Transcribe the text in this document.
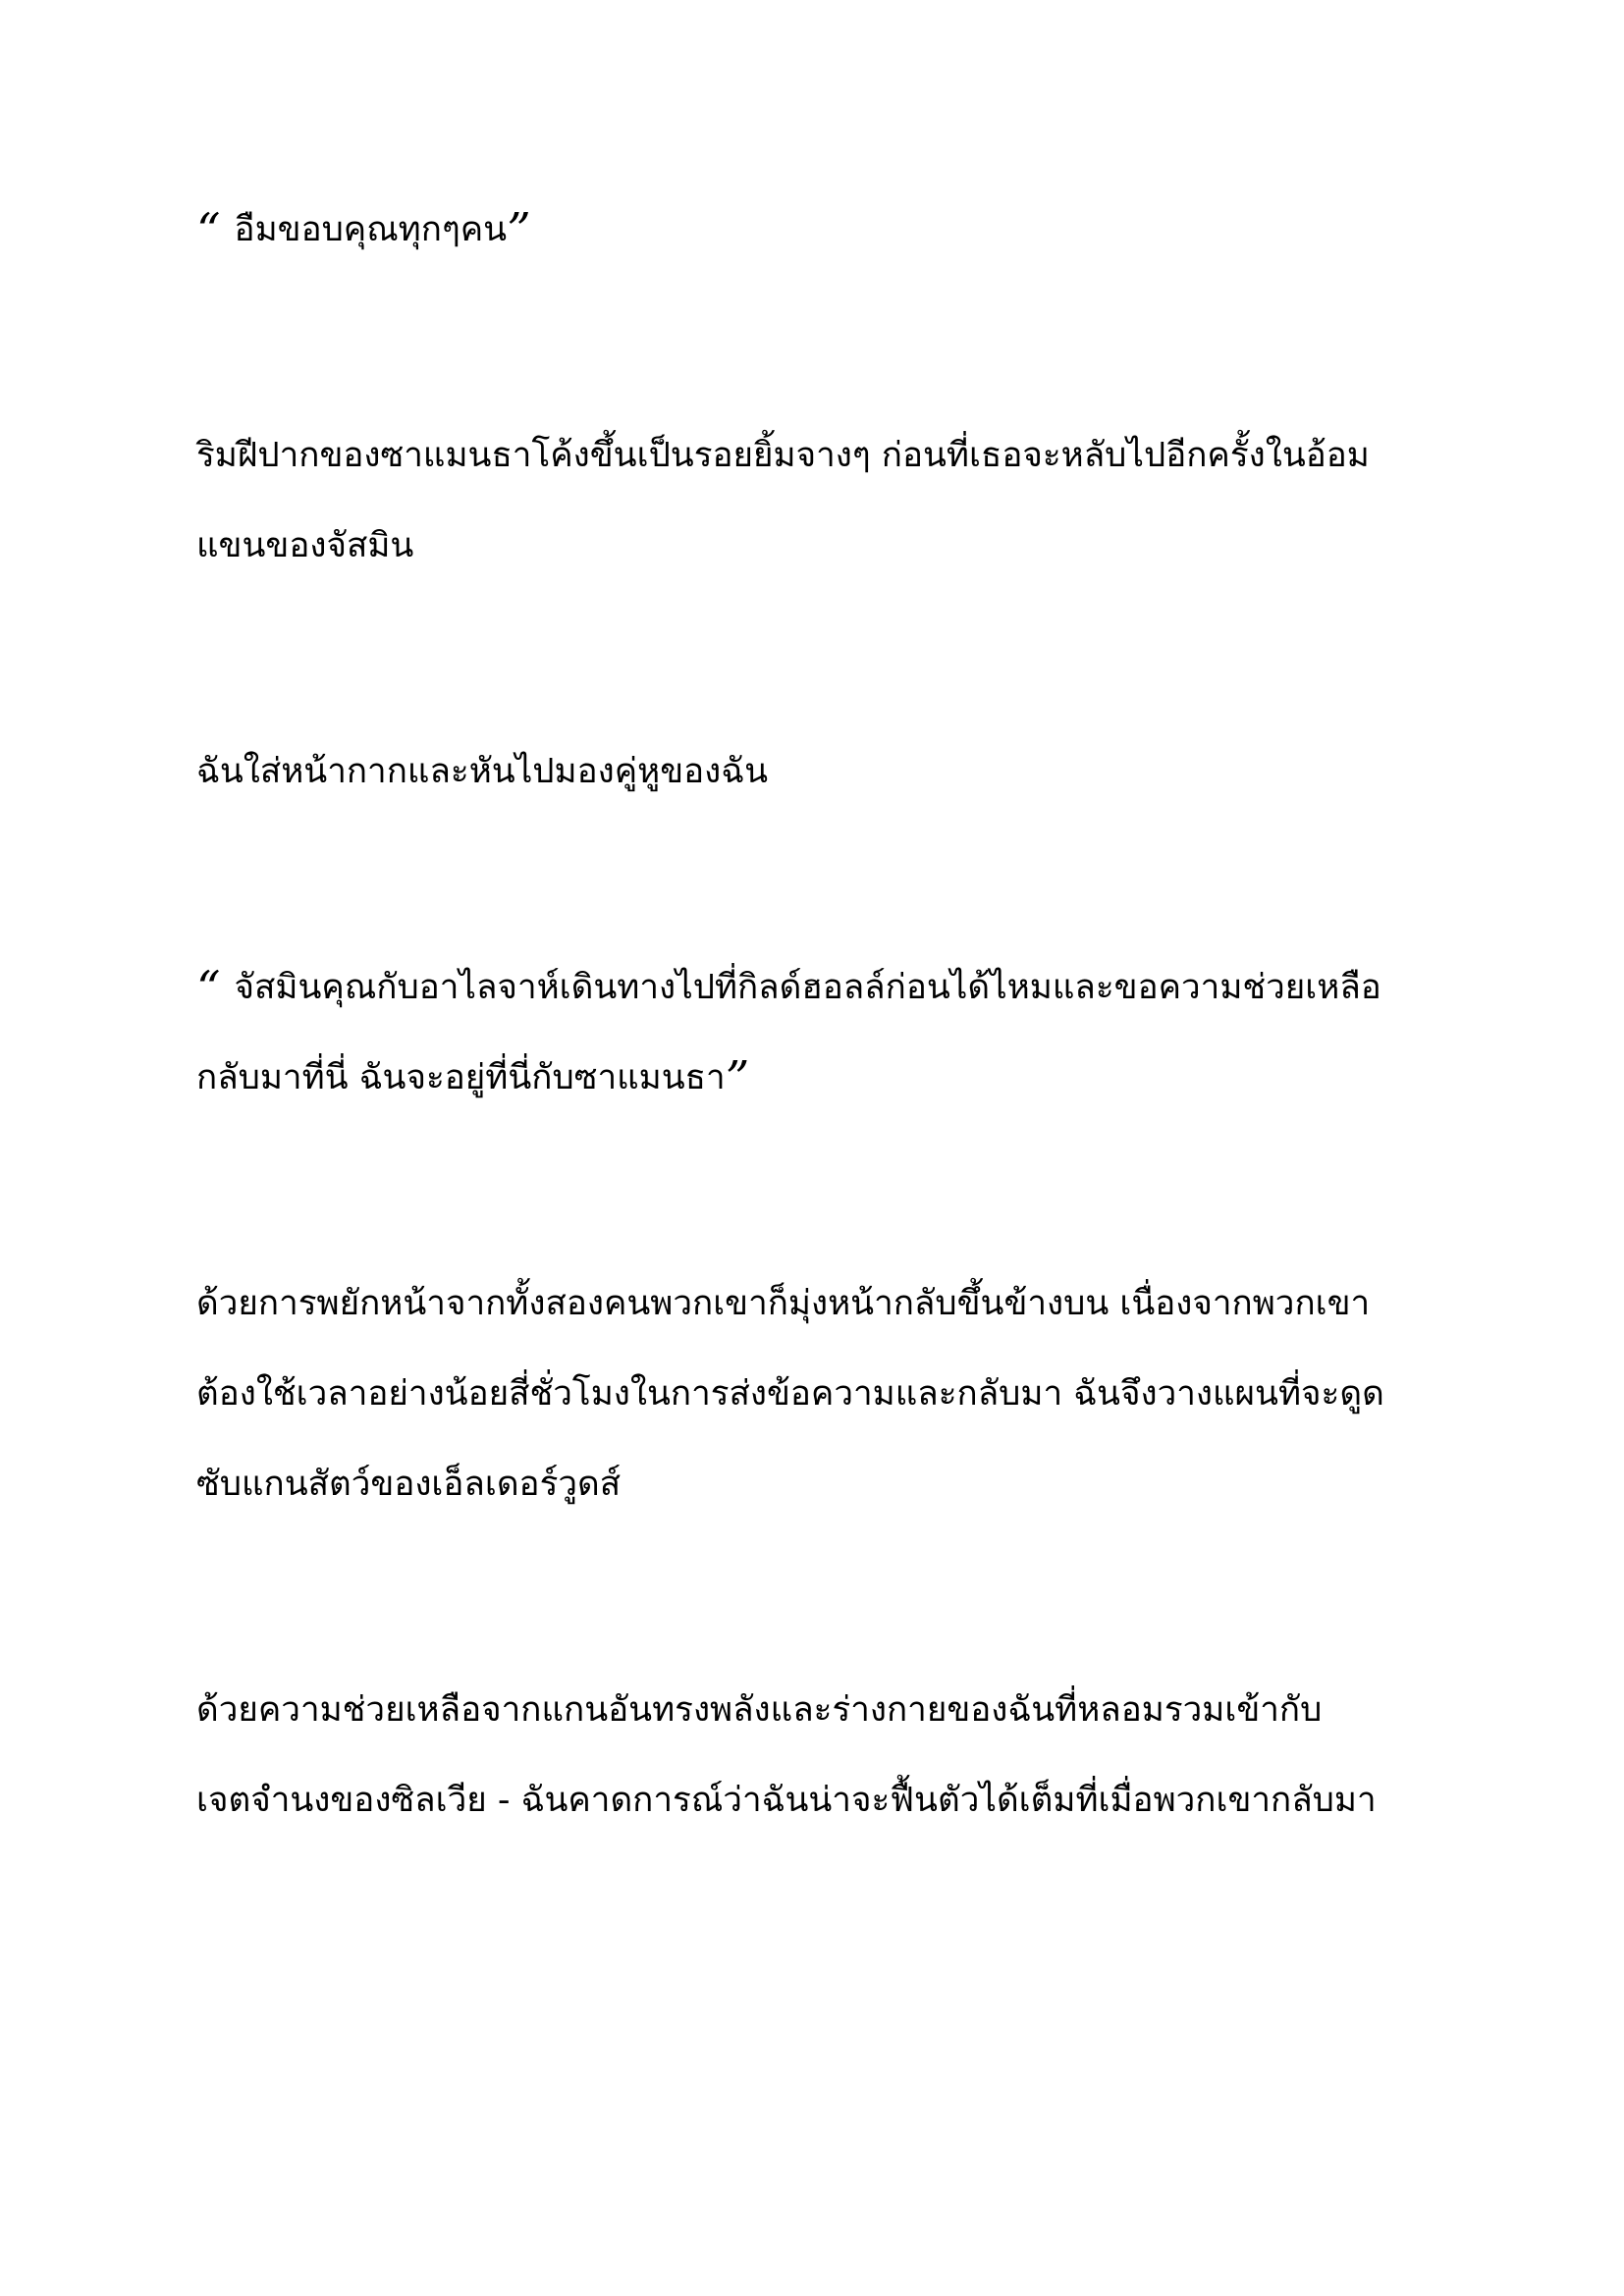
“ อืมขอบคุณทุกๆคน”

ริมฝีปากของซาแมนธาโค้งขึ้นเป็นรอยยิ้มจางๆ ก่อนที่เธอจะหลับไปอีกครั้งในอ้อม
แขนของจัสมิน

ฉันใส่หน้ากากและหันไปมองคู่หูของฉัน

“ จัสมินคุณกับอาไลจาห์เดินทางไปที่กิลด์ฮอลล์ก่อนได้ไหมและขอความช่วยเหลือ
กลับมาที่นี่ ฉันจะอยู่ที่นี่กับซาแมนธา”

ด้วยการพยักหน้าจากทั้งสองคนพวกเขาก็มุ่งหน้ากลับขึ้นข้างบน เนื่องจากพวกเขา
ต้องใช้เวลาอย่างน้อยสี่ชั่วโมงในการส่งข้อความและกลับมา ฉันจึงวางแผนที่จะดูด
ซับแกนสัตว์ของเอ็ลเดอร์วูดส์

ด้วยความช่วยเหลือจากแกนอันทรงพลังและร่างกายของฉันที่หลอมรวมเข้ากับ
เจตจำนงของซิลเวีย - ฉันคาดการณ์ว่าฉันน่าจะฟื้นตัวได้เต็มที่เมื่อพวกเขากลับมา
